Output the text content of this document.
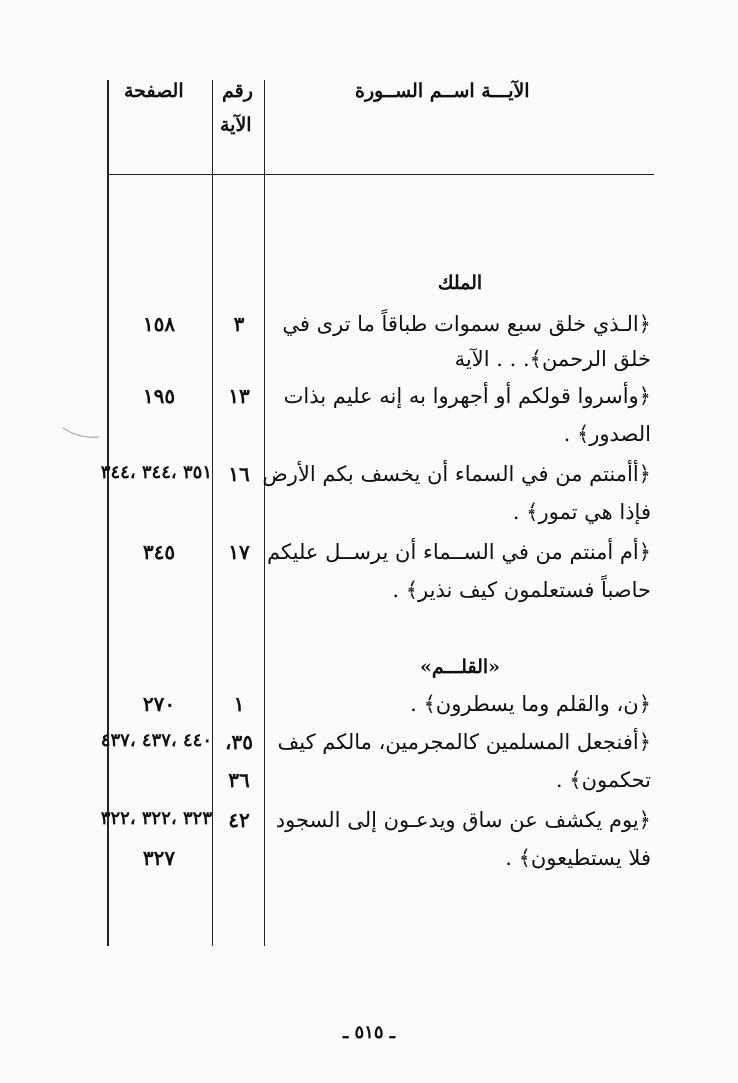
الصفحة رقم
الآية
الآيـــة اســم الســورة
الملك
﴿الـذي خلق سبع سموات طباقاً ما ترى في
خلق الرحمن﴾. . . الآية
٣
١٥٨
﴿وأسروا قولكم أو أجهروا به إنه عليم بذات
الصدور﴾ .
١٣
١٩٥
﴿أأمنتم من في السماء أن يخسف بكم الأرض
فإذا هي تمور﴾ .
١٦
٣٥١ ،٣٤٤ ،٣٤٤
﴿أم أمنتم من في الســماء أن يرســل عليكم
حاصباً فستعلمون كيف نذير﴾ .
١٧
٣٤٥
«القلـــم»
﴿ن، والقلم وما يسطرون﴾ .
١
٢٧٠
﴿أفنجعل المسلمين كالمجرمين، مالكم كيف
تحكمون﴾ .
٣٥،
٣٦
٤٤٠ ،٤٣٧ ،٤٣٧
﴿يوم يكشف عن ساق ويدعـون إلى السجود
فلا يستطيعون﴾ .
٤٢
٣٢٣ ،٣٢٢ ،٣٢٢
٣٢٧
ـ ٥١٥ ـ
